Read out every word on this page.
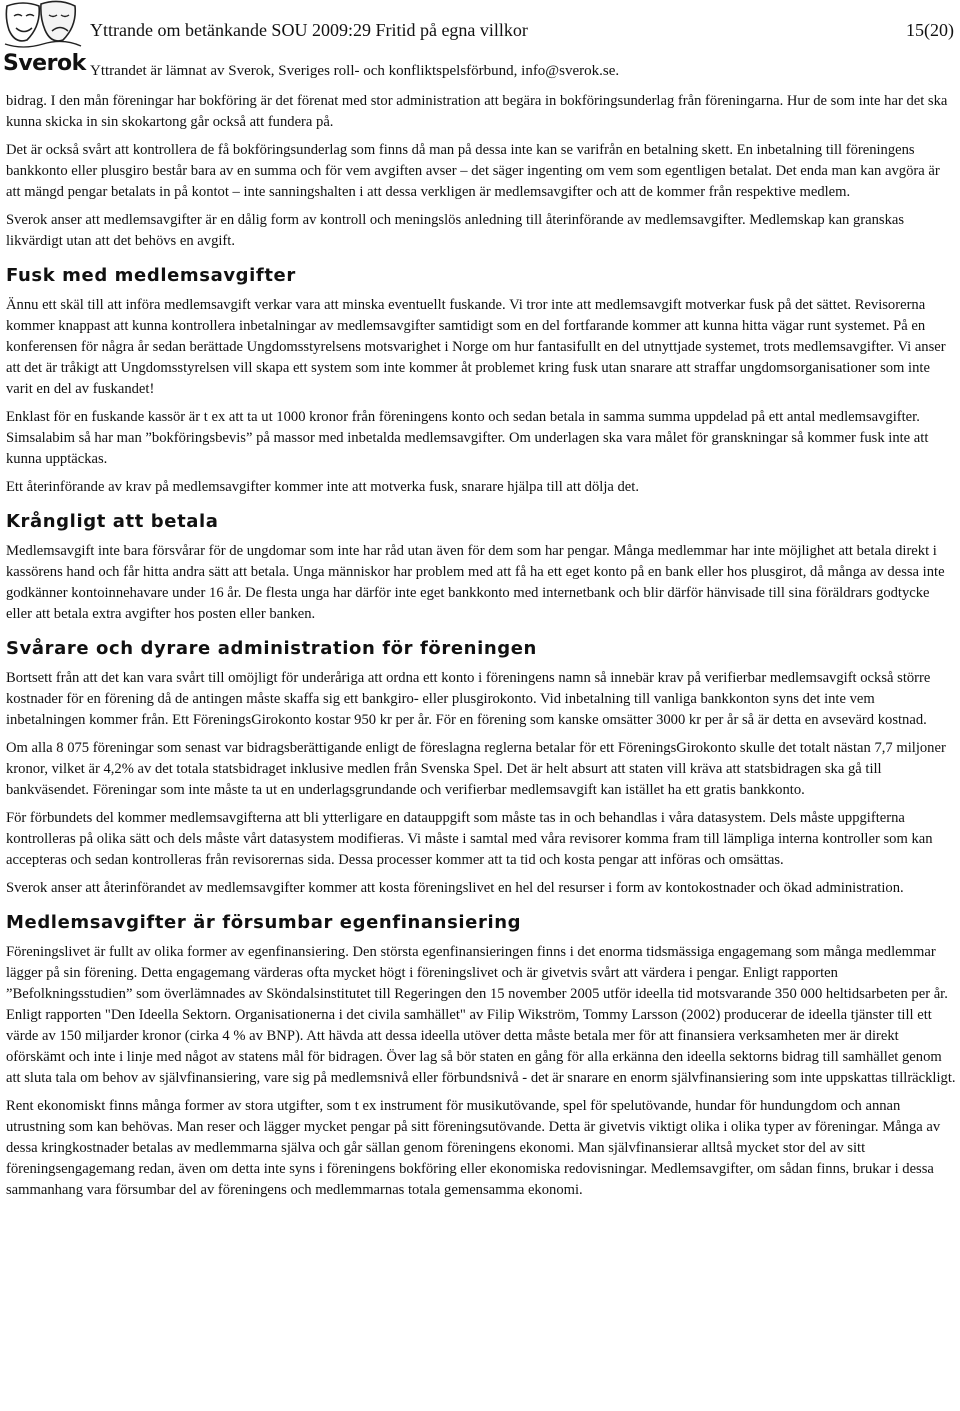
Sverok
Yttrande om betänkande SOU 2009:29 Fritid på egna villkor	15(20)
Yttrandet är lämnat av Sverok, Sveriges roll- och konfliktspelsförbund, info@sverok.se.

bidrag. I den mån föreningar har bokföring är det förenat med stor administration att begära in bokföringsunderlag från föreningarna. Hur de som inte har det ska kunna skicka in sin skokartong går också att fundera på.

Det är också svårt att kontrollera de få bokföringsunderlag som finns då man på dessa inte kan se varifrån en betalning skett. En inbetalning till föreningens bankkonto eller plusgiro består bara av en summa och för vem avgiften avser – det säger ingenting om vem som egentligen betalat. Det enda man kan avgöra är att mängd pengar betalats in på kontot – inte sanningshalten i att dessa verkligen är medlemsavgifter och att de kommer från respektive medlem.

Sverok anser att medlemsavgifter är en dålig form av kontroll och meningslös anledning till återinförande av medlemsavgifter. Medlemskap kan granskas likvärdigt utan att det behövs en avgift.

Fusk med medlemsavgifter

Ännu ett skäl till att införa medlemsavgift verkar vara att minska eventuellt fuskande. Vi tror inte att medlemsavgift motverkar fusk på det sättet. Revisorerna kommer knappast att kunna kontrollera inbetalningar av medlemsavgifter samtidigt som en del fortfarande kommer att kunna hitta vägar runt systemet. På en konferensen för några år sedan berättade Ungdomsstyrelsens motsvarighet i Norge om hur fantasifullt en del utnyttjade systemet, trots medlemsavgifter. Vi anser att det är tråkigt att Ungdomsstyrelsen vill skapa ett system som inte kommer åt problemet kring fusk utan snarare att straffar ungdomsorganisationer som inte varit en del av fuskandet!

Enklast för en fuskande kassör är t ex att ta ut 1000 kronor från föreningens konto och sedan betala in samma summa uppdelad på ett antal medlemsavgifter. Simsalabim så har man ”bokföringsbevis” på massor med inbetalda medlemsavgifter. Om underlagen ska vara målet för granskningar så kommer fusk inte att kunna upptäckas.

Ett återinförande av krav på medlemsavgifter kommer inte att motverka fusk, snarare hjälpa till att dölja det.

Krångligt att betala

Medlemsavgift inte bara försvårar för de ungdomar som inte har råd utan även för dem som har pengar. Många medlemmar har inte möjlighet att betala direkt i kassörens hand och får hitta andra sätt att betala. Unga människor har problem med att få ha ett eget konto på en bank eller hos plusgirot, då många av dessa inte godkänner kontoinnehavare under 16 år. De flesta unga har därför inte eget bankkonto med internetbank och blir därför hänvisade till sina föräldrars godtycke eller att betala extra avgifter hos posten eller banken.

Svårare och dyrare administration för föreningen

Bortsett från att det kan vara svårt till omöjligt för underåriga att ordna ett konto i föreningens namn så innebär krav på verifierbar medlemsavgift också större kostnader för en förening då de antingen måste skaffa sig ett bankgiro- eller plusgirokonto. Vid inbetalning till vanliga bankkonton syns det inte vem inbetalningen kommer från. Ett FöreningsGirokonto kostar 950 kr per år. För en förening som kanske omsätter 3000 kr per år så är detta en avsevärd kostnad.

Om alla 8 075 föreningar som senast var bidragsberättigande enligt de föreslagna reglerna betalar för ett FöreningsGirokonto skulle det totalt nästan 7,7 miljoner kronor, vilket är 4,2% av det totala statsbidraget inklusive medlen från Svenska Spel. Det är helt absurt att staten vill kräva att statsbidragen ska gå till bankväsendet. Föreningar som inte måste ta ut en underlagsgrundande och verifierbar medlemsavgift kan istället ha ett gratis bankkonto.

För förbundets del kommer medlemsavgifterna att bli ytterligare en datauppgift som måste tas in och behandlas i våra datasystem. Dels måste uppgifterna kontrolleras på olika sätt och dels måste vårt datasystem modifieras. Vi måste i samtal med våra revisorer komma fram till lämpliga interna kontroller som kan accepteras och sedan kontrolleras från revisorernas sida. Dessa processer kommer att ta tid och kosta pengar att införas och omsättas.

Sverok anser att återinförandet av medlemsavgifter kommer att kosta föreningslivet en hel del resurser i form av kontokostnader och ökad administration.

Medlemsavgifter är försumbar egenfinansiering

Föreningslivet är fullt av olika former av egenfinansiering. Den största egenfinansieringen finns i det enorma tidsmässiga engagemang som många medlemmar lägger på sin förening. Detta engagemang värderas ofta mycket högt i föreningslivet och är givetvis svårt att värdera i pengar. Enligt rapporten ”Befolkningsstudien” som överlämnades av Sköndalsinstitutet till Regeringen den 15 november 2005 utför ideella tid motsvarande 350 000 heltidsarbeten per år. Enligt rapporten "Den Ideella Sektorn. Organisationerna i det civila samhället" av Filip Wikström, Tommy Larsson (2002) producerar de ideella tjänster till ett värde av 150 miljarder kronor (cirka 4 % av BNP). Att hävda att dessa ideella utöver detta måste betala mer för att finansiera verksamheten mer är direkt oförskämt och inte i linje med något av statens mål för bidragen. Över lag så bör staten en gång för alla erkänna den ideella sektorns bidrag till samhället genom att sluta tala om behov av självfinansiering, vare sig på medlemsnivå eller förbundsnivå - det är snarare en enorm självfinansiering som inte uppskattas tillräckligt.

Rent ekonomiskt finns många former av stora utgifter, som t ex instrument för musikutövande, spel för spelutövande, hundar för hundungdom och annan utrustning som kan behövas. Man reser och lägger mycket pengar på sitt föreningsutövande. Detta är givetvis viktigt olika i olika typer av föreningar. Många av dessa kringkostnader betalas av medlemmarna själva och går sällan genom föreningens ekonomi. Man självfinansierar alltså mycket stor del av sitt föreningsengagemang redan, även om detta inte syns i föreningens bokföring eller ekonomiska redovisningar. Medlemsavgifter, om sådan finns, brukar i dessa sammanhang vara försumbar del av föreningens och medlemmarnas totala gemensamma ekonomi.
